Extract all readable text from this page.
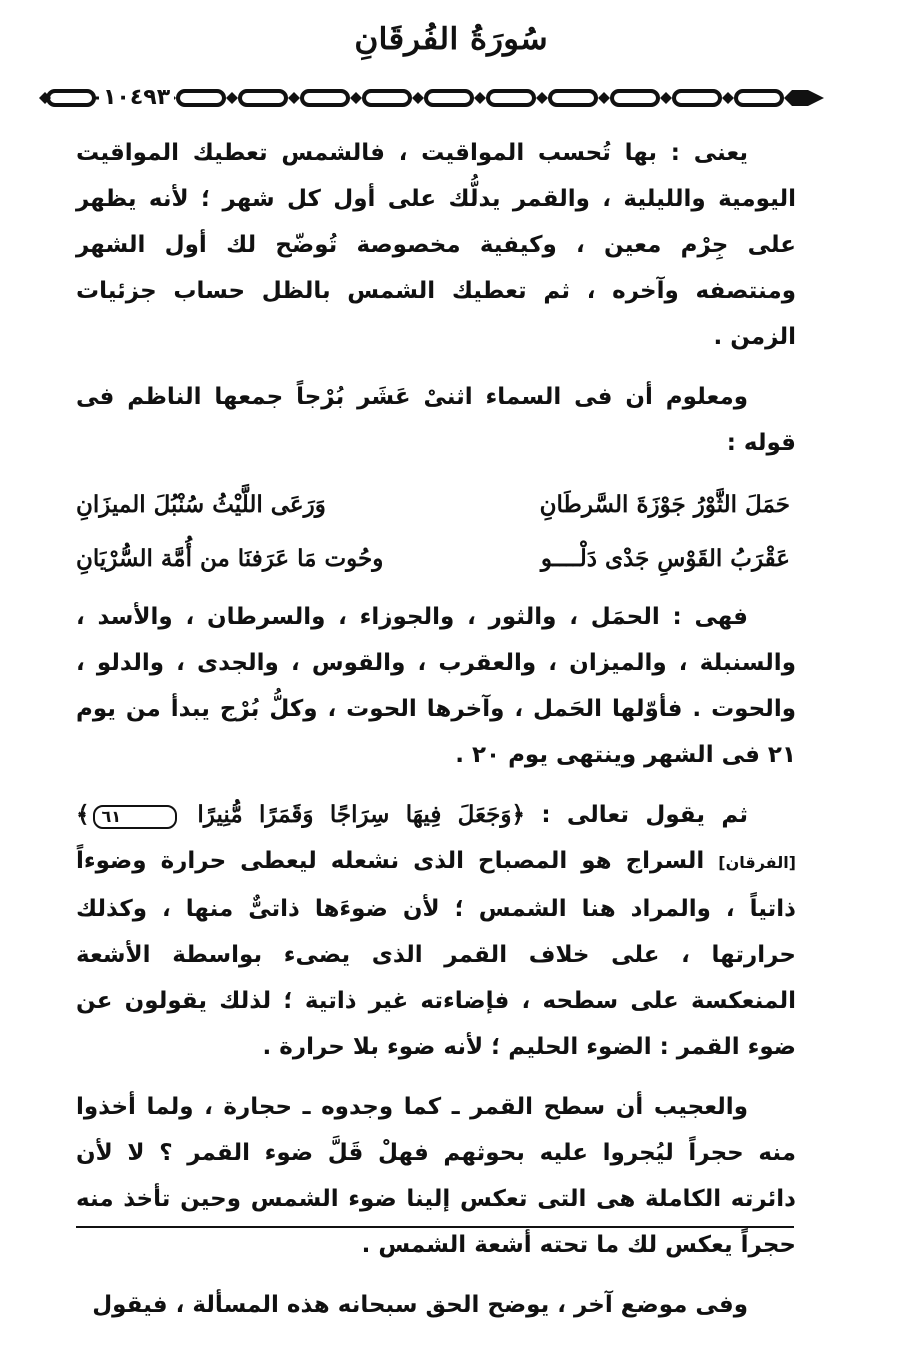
سُورَةُ الفُرقَانِ
١٠٤٩٣

يعنى : بها تُحسب المواقيت ، فالشمس تعطيك المواقيت اليومية والليلية ، والقمر يدلُّك على أول كل شهر ؛ لأنه يظهر على جِرْم معين ، وكيفية مخصوصة تُوضّح لك أول الشهر ومنتصفه وآخره ، ثم تعطيك الشمس بالظل حساب جزئيات الزمن .

ومعلوم أن فى السماء اثنىْ عَشَر بُرْجاً جمعها الناظم فى قوله :

حَمَلَ الثَّوْرُ جَوْزَةَ السَّرطَانِ
وَرَعَى اللَّيْثُ سُنْبُلَ الميزَانِ
عَقْرَبُ القَوْسِ جَدْى دَلْــــو
وحُوت مَا عَرَفنَا من أُمَّة السُّرْيَانِ

فهى : الحمَل ، والثور ، والجوزاء ، والسرطان ، والأسد ، والسنبلة ، والميزان ، والعقرب ، والقوس ، والجدى ، والدلو ، والحوت . فأوّلها الحَمل ، وآخرها الحوت ، وكلُّ بُرْج يبدأ من يوم ٢١ فى الشهر وينتهى يوم ٢٠ .

ثم يقول تعالى : ﴿وَجَعَلَ فِيهَا سِرَاجًا وَقَمَرًا مُّنِيرًا ٦١﴾ [الفرقان] السراج هو المصباح الذى نشعله ليعطى حرارة وضوءاً ذاتياً ، والمراد هنا الشمس ؛ لأن ضوءَها ذاتىٌّ منها ، وكذلك حرارتها ، على خلاف القمر الذى يضىء بواسطة الأشعة المنعكسة على سطحه ، فإضاءته غير ذاتية ؛ لذلك يقولون عن ضوء القمر : الضوء الحليم ؛ لأنه ضوء بلا حرارة .

والعجيب أن سطح القمر ـ كما وجدوه ـ حجارة ، ولما أخذوا منه حجراً ليُجروا عليه بحوثهم فهلْ قَلَّ ضوء القمر ؟ لا لأن دائرته الكاملة هى التى تعكس إلينا ضوء الشمس وحين تأخذ منه حجراً يعكس لك ما تحته أشعة الشمس .

وفى موضع آخر ، يوضح الحق سبحانه هذه المسألة ، فيقول
